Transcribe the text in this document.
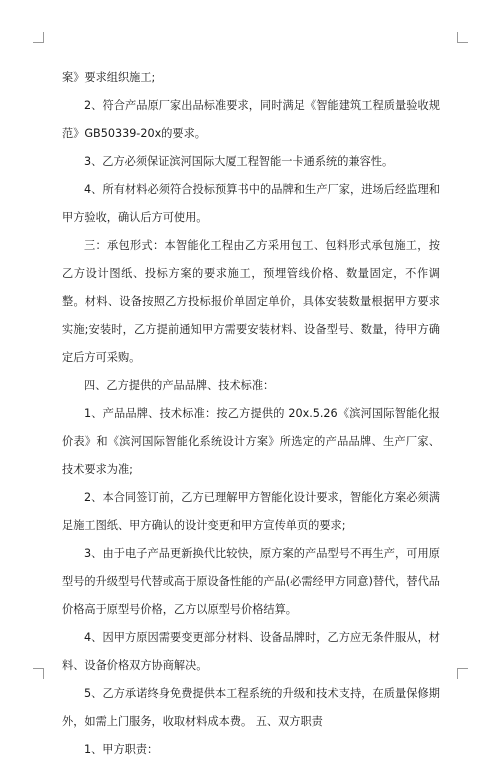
案》要求组织施工;

2、符合产品原厂家出品标准要求，同时满足《智能建筑工程质量验收规范》GB50339-20x的要求。

3、乙方必须保证滨河国际大厦工程智能一卡通系统的兼容性。

4、所有材料必须符合投标预算书中的品牌和生产厂家，进场后经监理和甲方验收，确认后方可使用。

三：承包形式：本智能化工程由乙方采用包工、包料形式承包施工，按乙方设计图纸、投标方案的要求施工，预埋管线价格、数量固定，不作调整。材料、设备按照乙方投标报价单固定单价，具体安装数量根据甲方要求实施;安装时，乙方提前通知甲方需要安装材料、设备型号、数量，待甲方确定后方可采购。

四、乙方提供的产品品牌、技术标准：

1、产品品牌、技术标准：按乙方提供的 20x.5.26《滨河国际智能化报价表》和《滨河国际智能化系统设计方案》所选定的产品品牌、生产厂家、技术要求为准;

2、本合同签订前，乙方已理解甲方智能化设计要求，智能化方案必须满足施工图纸、甲方确认的设计变更和甲方宣传单页的要求;

3、由于电子产品更新换代比较快，原方案的产品型号不再生产，可用原型号的升级型号代替或高于原设备性能的产品(必需经甲方同意)替代，替代品价格高于原型号价格，乙方以原型号价格结算。

4、因甲方原因需要变更部分材料、设备品牌时，乙方应无条件服从，材料、设备价格双方协商解决。

5、乙方承诺终身免费提供本工程系统的升级和技术支持，在质量保修期外，如需上门服务，收取材料成本费。 五、双方职责

1、甲方职责：
